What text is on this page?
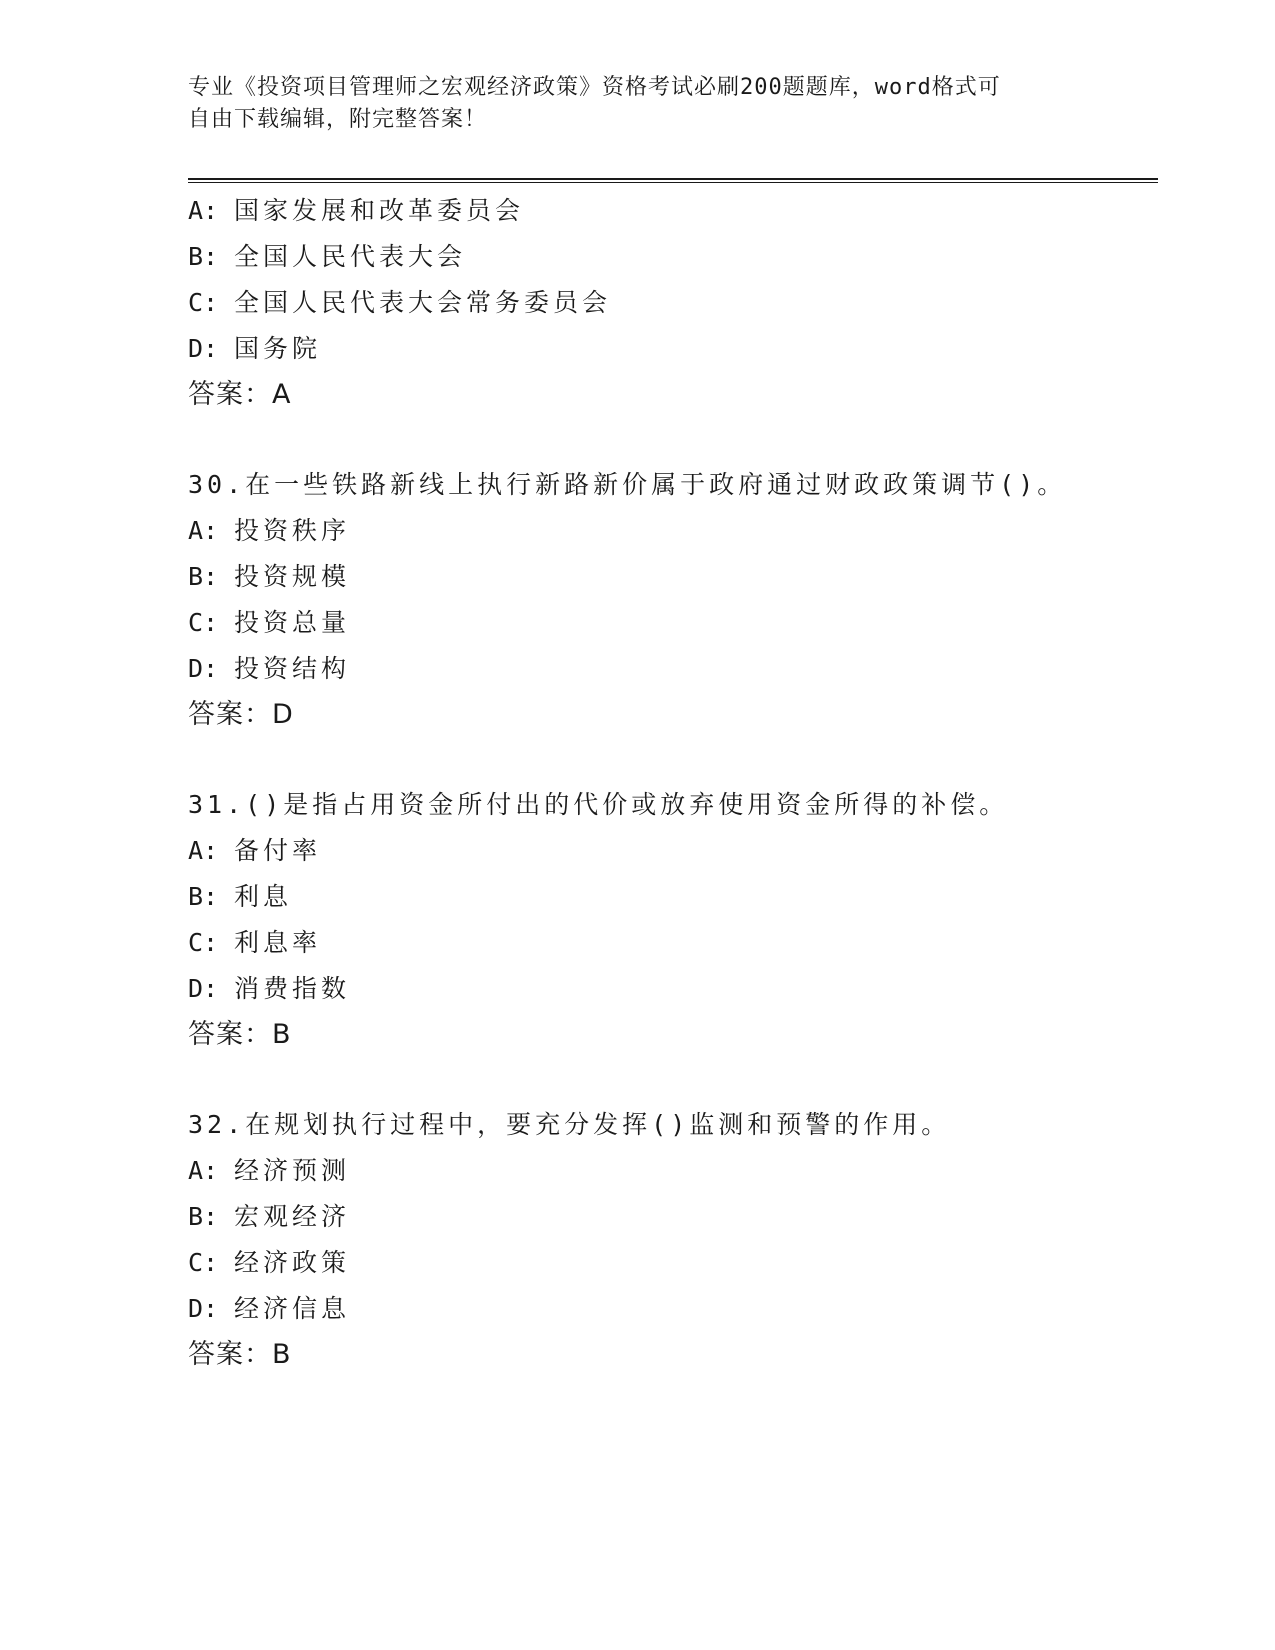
专业《投资项目管理师之宏观经济政策》资格考试必刷200题题库，word格式可
自由下载编辑，附完整答案！
A: 国家发展和改革委员会
B: 全国人民代表大会
C: 全国人民代表大会常务委员会
D: 国务院
答案：A
30.在一些铁路新线上执行新路新价属于政府通过财政政策调节()。
A: 投资秩序
B: 投资规模
C: 投资总量
D: 投资结构
答案：D
31.()是指占用资金所付出的代价或放弃使用资金所得的补偿。
A: 备付率
B: 利息
C: 利息率
D: 消费指数
答案：B
32.在规划执行过程中，要充分发挥()监测和预警的作用。
A: 经济预测
B: 宏观经济
C: 经济政策
D: 经济信息
答案：B
